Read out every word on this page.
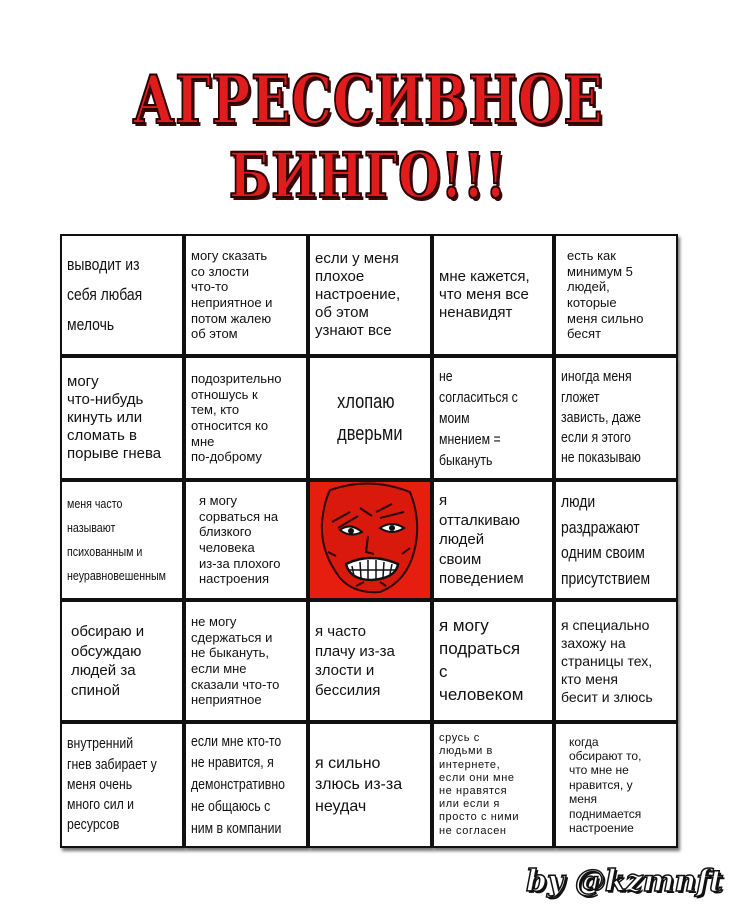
АГРЕССИВНОЕ
БИНГО!!!
выводит из
себя любая
мелочь
могу сказать
со злости
что-то
неприятное и
потом жалею
об этом
если у меня
плохое
настроение,
об этом
узнают все
мне кажется,
что меня все
ненавидят
есть как
минимум 5
людей,
которые
меня сильно
бесят
могу
что-нибудь
кинуть или
сломать в
порыве гнева
подозрительно
отношусь к
тем, кто
относится ко
мне
по-доброму
хлопаю
дверьми
не
согласиться с
моим
мнением =
быкануть
иногда меня
гложет
зависть, даже
если я этого
не показываю
меня часто
называют
психованным и
неуравновешенным
я могу
сорваться на
близкого
человека
из-за плохого
настроения
я
отталкиваю
людей
своим
поведением
люди
раздражают
одним своим
присутствием
обсираю и
обсуждаю
людей за
спиной
не могу
сдержаться и
не быкануть,
если мне
сказали что-то
неприятное
я часто
плачу из-за
злости и
бессилия
я могу
подраться
с
человеком
я специально
захожу на
страницы тех,
кто меня
бесит и злюсь
внутренний
гнев забирает у
меня очень
много сил и
ресурсов
если мне кто-то
не нравится, я
демонстративно
не общаюсь с
ним в компании
я сильно
злюсь из-за
неудач
срусь с
людьми в
интернете,
если они мне
не нравятся
или если я
просто с ними
не согласен
когда
обсирают то,
что мне не
нравится, у
меня
поднимается
настроение
by @kzmnft
